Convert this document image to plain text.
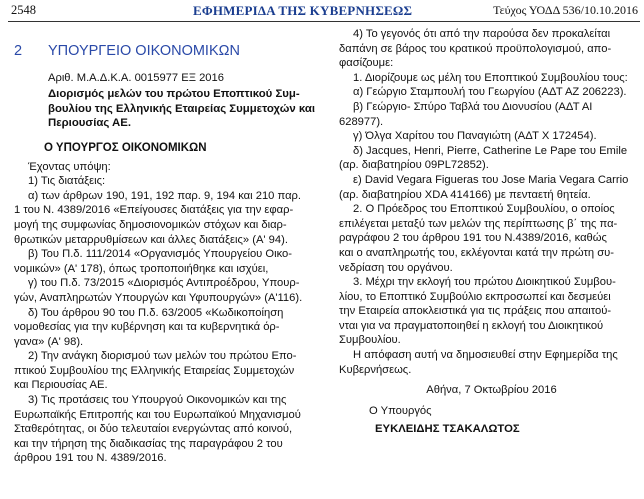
2548	ΕΦΗΜΕΡΙΔΑ ΤΗΣ ΚΥΒΕΡΝΗΣΕΩΣ	Τεύχος ΥΟΔΔ 536/10.10.2016
2	ΥΠΟΥΡΓΕΙΟ ΟΙΚΟΝΟΜΙΚΩΝ
Αριθ. Μ.Α.Δ.Κ.Α. 0015977 ΕΞ 2016
Διορισμός μελών του πρώτου Εποπτικού Συμ-
βουλίου της Ελληνικής Εταιρείας Συμμετοχών και
Περιουσίας ΑΕ.
Ο ΥΠΟΥΡΓΟΣ ΟΙΚΟΝΟΜΙΚΩΝ

Έχοντας υπόψη:

1) Τις διατάξεις:

α) των άρθρων 190, 191, 192 παρ. 9, 194 και 210 παρ.
1 του Ν. 4389/2016 «Επείγουσες διατάξεις για την εφαρ-
μογή της συμφωνίας δημοσιονομικών στόχων και διαρ-
θρωτικών μεταρρυθμίσεων και άλλες διατάξεις» (Α' 94).
β) Του Π.δ. 111/2014 «Οργανισμός Υπουργείου Οικο-
νομικών» (Α' 178), όπως τροποποιήθηκε και ισχύει,
γ) του Π.δ. 73/2015 «Διορισμός Αντιπροέδρου, Υπουρ-
γών, Αναπληρωτών Υπουργών και Υφυπουργών» (Α'116).
δ) Του άρθρου 90 του Π.δ. 63/2005 «Κωδικοποίηση
νομοθεσίας για την κυβέρνηση και τα κυβερνητικά όρ-
γανα» (Α' 98).
2) Την ανάγκη διορισμού των μελών του πρώτου Επο-
πτικού Συμβουλίου της Ελληνικής Εταιρείας Συμμετοχών
και Περιουσίας ΑΕ.
3) Τις προτάσεις του Υπουργού Οικονομικών και της
Ευρωπαϊκής Επιτροπής και του Ευρωπαϊκού Μηχανισμού
Σταθερότητας, οι δύο τελευταίοι ενεργώντας από κοινού,
και την τήρηση της διαδικασίας της παραγράφου 2 του
άρθρου 191 του Ν. 4389/2016.
4) Το γεγονός ότι από την παρούσα δεν προκαλείται
δαπάνη σε βάρος του κρατικού προϋπολογισμού, απο-
φασίζουμε:
1. Διορίζουμε ως μέλη του Εποπτικού Συμβουλίου τους:
α) Γεώργιο Σταμπουλή του Γεωργίου (ΑΔΤ ΑΖ 206223).
β) Γεώργιο- Σπύρο Ταβλά του Διονυσίου (ΑΔΤ ΑΙ
628977).
γ) Όλγα Χαρίτου του Παναγιώτη (ΑΔΤ Χ 172454).
δ) Jacques, Henri, Pierre, Catherine Le Pape του Emile
(αρ. διαβατηρίου 09PL72852).
ε) David Vegara Figueras του Jose Maria Vegara Carrio
(αρ. διαβατηρίου XDA 414166) με πενταετή θητεία.
2. Ο Πρόεδρος του Εποπτικού Συμβουλίου, ο οποίος
επιλέγεται μεταξύ των μελών της περίπτωσης β΄ της πα-
ραγράφου 2 του άρθρου 191 του Ν.4389/2016, καθώς
και ο αναπληρωτής του, εκλέγονται κατά την πρώτη συ-
νεδρίαση του οργάνου.
3. Μέχρι την εκλογή του πρώτου Διοικητικού Συμβου-
λίου, το Εποπτικό Συμβούλιο εκπροσωπεί και δεσμεύει
την Εταιρεία αποκλειστικά για τις πράξεις που απαιτού-
νται για να πραγματοποιηθεί η εκλογή του Διοικητικού
Συμβουλίου.
Η απόφαση αυτή να δημοσιευθεί στην Εφημερίδα της
Κυβερνήσεως.
Αθήνα, 7 Οκτωβρίου 2016
Ο Υπουργός
ΕΥΚΛΕΙΔΗΣ ΤΣΑΚΑΛΩΤΟΣ
